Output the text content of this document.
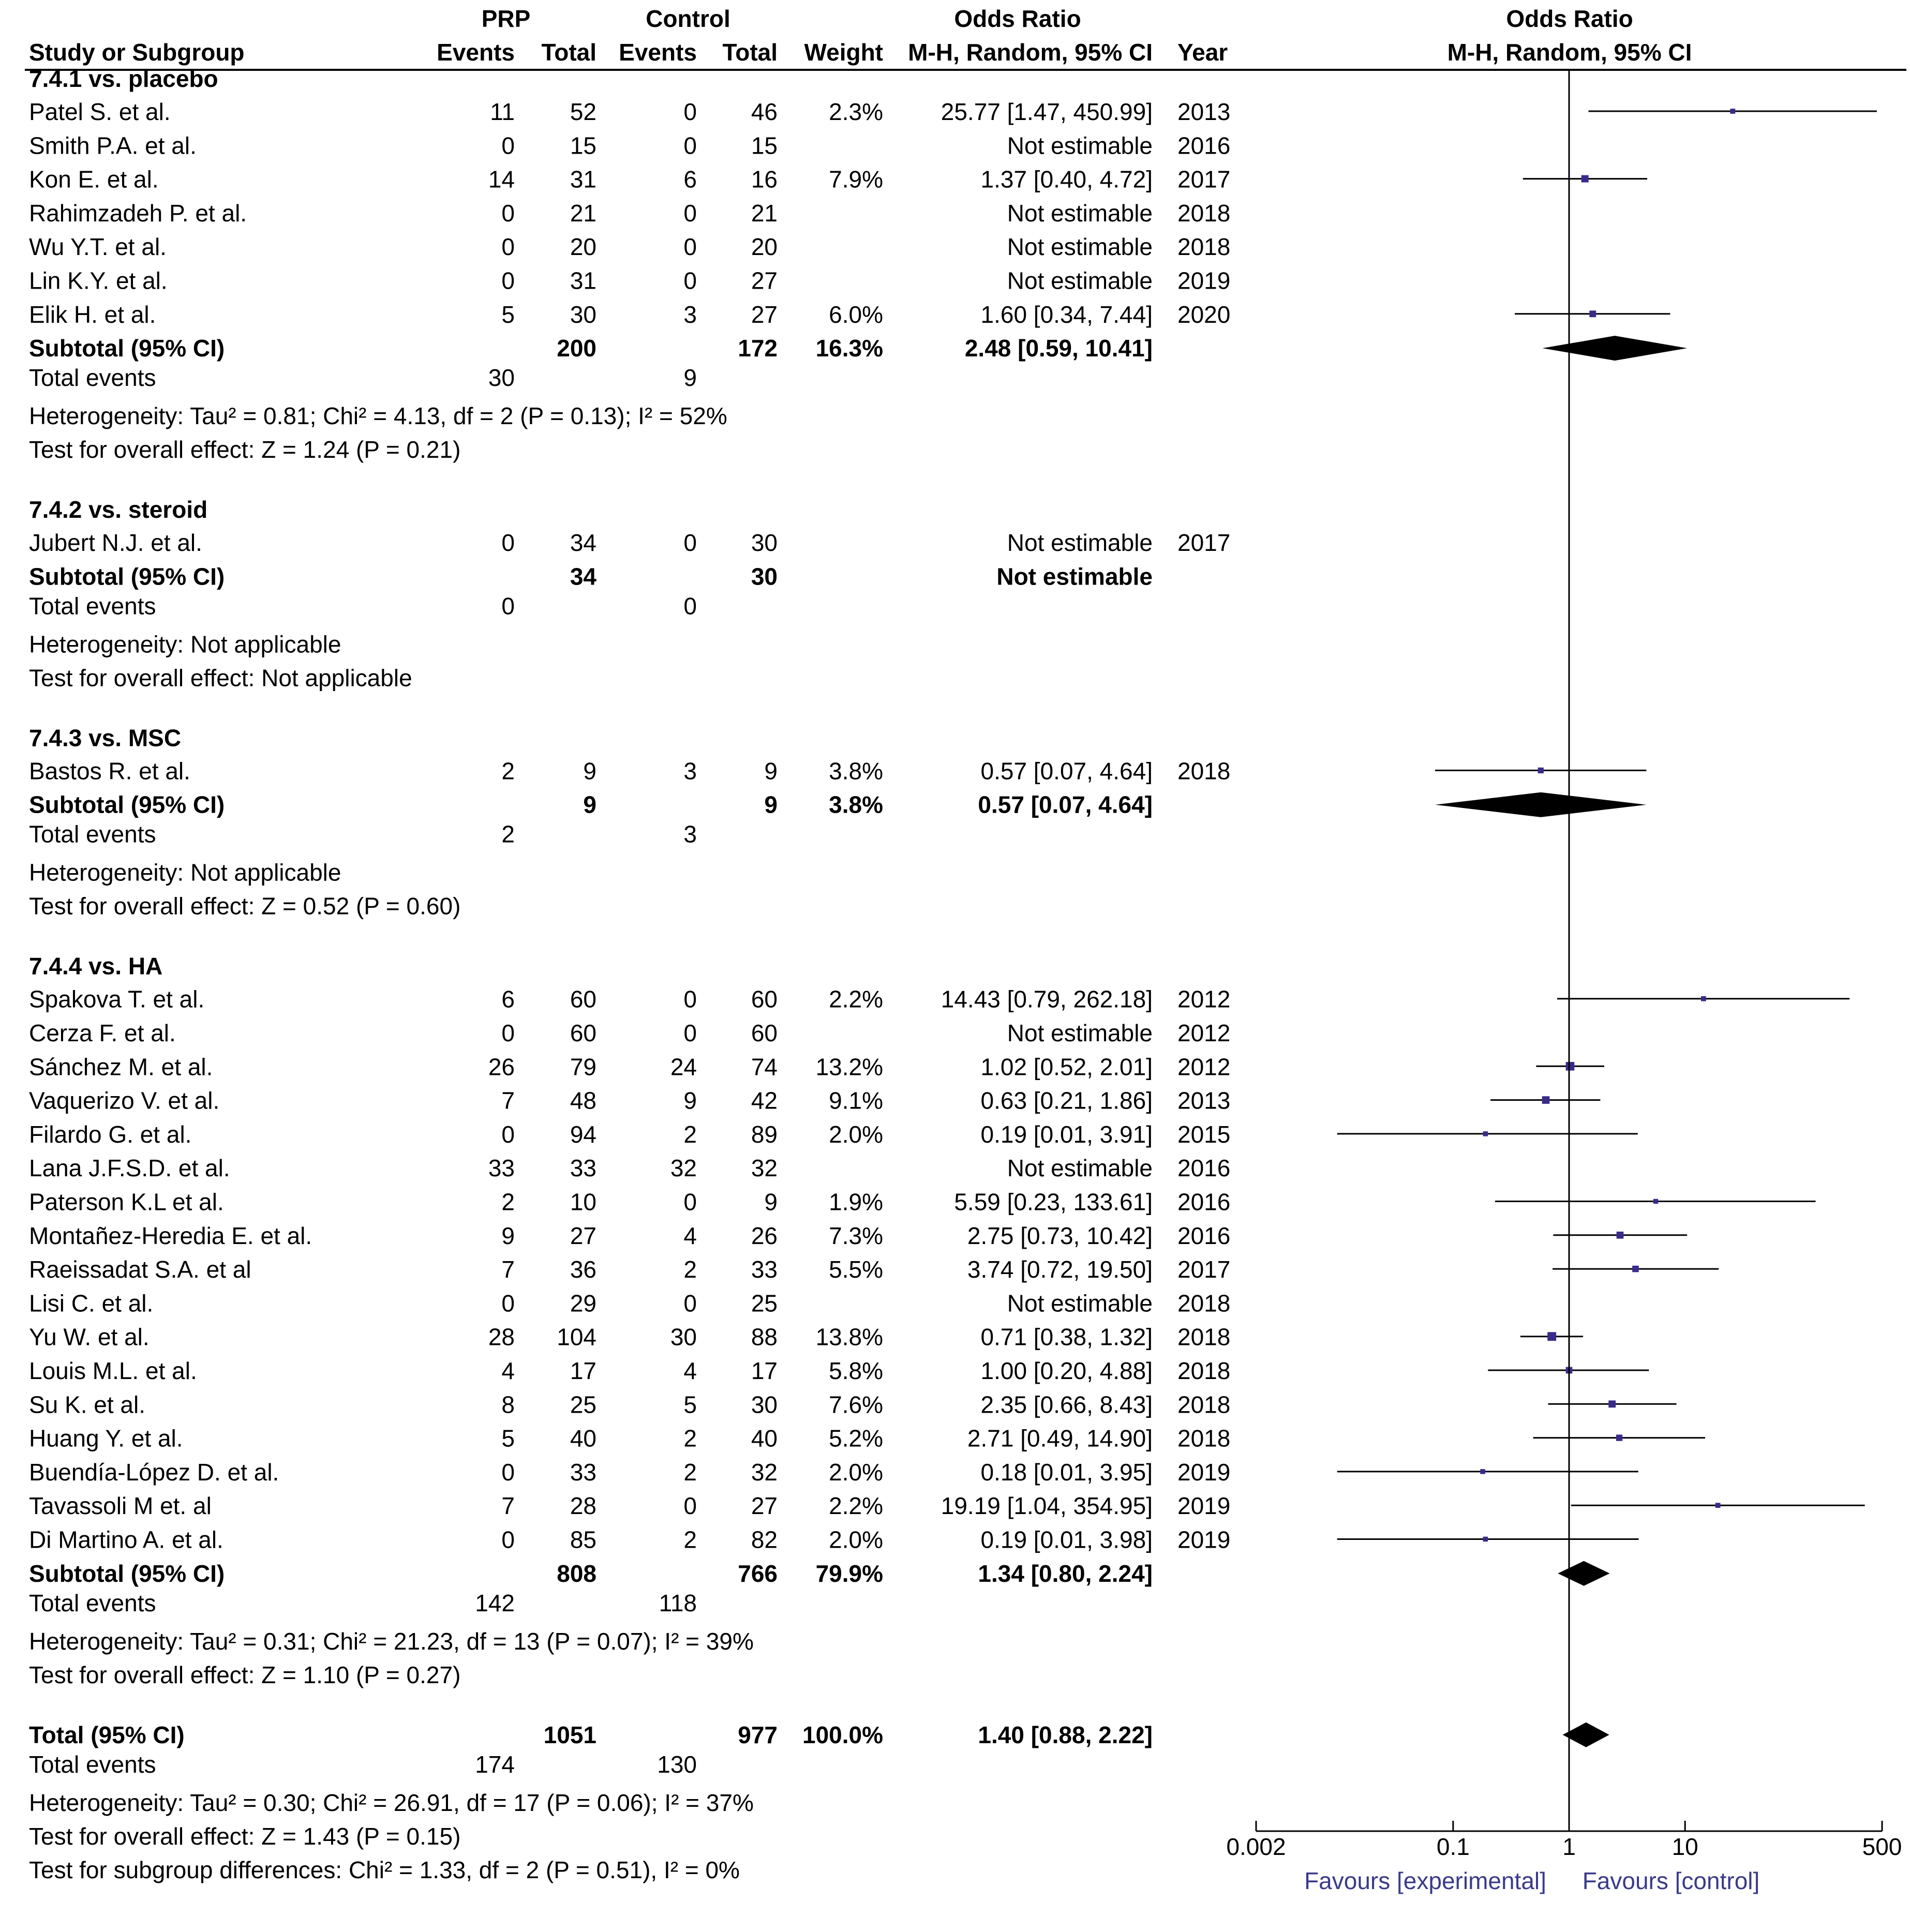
PRP	Control	Odds Ratio	Odds Ratio
Study or Subgroup	Events Total Events Total Weight M-H, Random, 95% CI Year	M-H, Random, 95% CI
7.4.1 vs. placebo
Patel S. et al.	11 52	0 46 2.3% 25.77 [1.47, 450.99] 2013
Smith P.A. et al.	0 15	0 15	Not estimable 2016
Kon E. et al.	14 31	6 16 7.9%	1.37 [0.40, 4.72] 2017
Rahimzadeh P. et al.	0 21	0 21	Not estimable 2018
Wu Y.T. et al.	0 20	0 20	Not estimable 2018
Lin K.Y. et al.	0 31	0 27	Not estimable 2019
Elik H. et al.	5 30	3 27 6.0%	1.60 [0.34, 7.44] 2020
Subtotal (95% CI)	200	172 16.3%	2.48 [0.59, 10.41]
Total events	30	9
Heterogeneity: Tau² = 0.81; Chi² = 4.13, df = 2 (P = 0.13); I² = 52%
Test for overall effect: Z = 1.24 (P = 0.21)
7.4.2 vs. steroid
Jubert N.J. et al.	0 34	0 30	Not estimable 2017
Subtotal (95% CI)	34	30	Not estimable
Total events	0	0
Heterogeneity: Not applicable
Test for overall effect: Not applicable
7.4.3 vs. MSC
Bastos R. et al.	2	9	3	9 3.8%	0.57 [0.07, 4.64] 2018
Subtotal (95% CI)	9	9 3.8%	0.57 [0.07, 4.64]
Total events	2	3
Heterogeneity: Not applicable
Test for overall effect: Z = 0.52 (P = 0.60)
7.4.4 vs. HA
Spakova T. et al.	6 60	0 60 2.2% 14.43 [0.79, 262.18] 2012
Cerza F. et al.	0 60	0 60	Not estimable 2012
Sánchez M. et al.	26 79	24 74 13.2%	1.02 [0.52, 2.01] 2012
Vaquerizo V. et al.	7 48	9 42 9.1%	0.63 [0.21, 1.86] 2013
Filardo G. et al.	0 94	2 89 2.0%	0.19 [0.01, 3.91] 2015
Lana J.F.S.D. et al.	33 33	32 32	Not estimable 2016
Paterson K.L et al.	2 10	0	9 1.9%	5.59 [0.23, 133.61] 2016
Montañez-Heredia E. et al.	9 27	4 26 7.3%	2.75 [0.73, 10.42] 2016
Raeissadat S.A. et al	7 36	2 33 5.5%	3.74 [0.72, 19.50] 2017
Lisi C. et al.	0 29	0 25	Not estimable 2018
Yu W. et al.	28 104	30 88 13.8%	0.71 [0.38, 1.32] 2018
Louis M.L. et al.	4 17	4 17 5.8%	1.00 [0.20, 4.88] 2018
Su K. et al.	8 25	5 30 7.6%	2.35 [0.66, 8.43] 2018
Huang Y. et al.	5 40	2 40 5.2%	2.71 [0.49, 14.90] 2018
Buendía-López D. et al.	0 33	2 32 2.0%	0.18 [0.01, 3.95] 2019
Tavassoli M et. al	7 28	0 27 2.2% 19.19 [1.04, 354.95] 2019
Di Martino A. et al.	0 85	2 82 2.0%	0.19 [0.01, 3.98] 2019
Subtotal (95% CI)	808	766 79.9%	1.34 [0.80, 2.24]
Total events	142	118
Heterogeneity: Tau² = 0.31; Chi² = 21.23, df = 13 (P = 0.07); I² = 39%
Test for overall effect: Z = 1.10 (P = 0.27)
Total (95% CI)	1051	977 100.0%	1.40 [0.88, 2.22]
Total events	174	130
Heterogeneity: Tau² = 0.30; Chi² = 26.91, df = 17 (P = 0.06); I² = 37%
Test for overall effect: Z = 1.43 (P = 0.15)
Test for subgroup differences: Chi² = 1.33, df = 2 (P = 0.51), I² = 0%
0.002	0.1	1	10	500
Favours [experimental] Favours [control]
